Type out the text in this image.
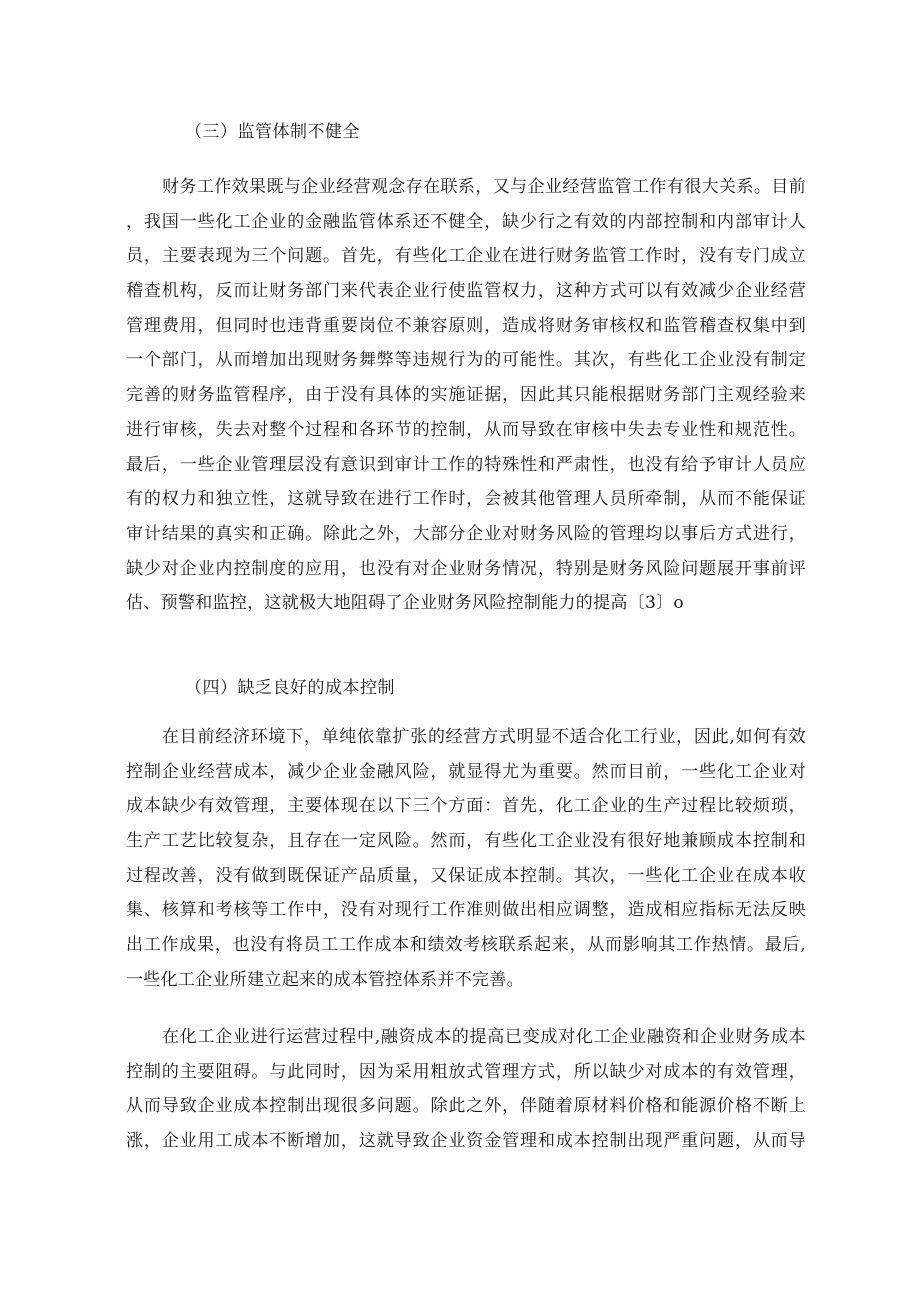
（三）监管体制不健全
财务工作效果既与企业经营观念存在联系，又与企业经营监管工作有很大关系。目前
，我国一些化工企业的金融监管体系还不健全，缺少行之有效的内部控制和内部审计人
员，主要表现为三个问题。首先，有些化工企业在进行财务监管工作时，没有专门成立
稽查机构，反而让财务部门来代表企业行使监管权力，这种方式可以有效减少企业经营
管理费用，但同时也违背重要岗位不兼容原则，造成将财务审核权和监管稽查权集中到
一个部门，从而增加出现财务舞弊等违规行为的可能性。其次，有些化工企业没有制定
完善的财务监管程序，由于没有具体的实施证据，因此其只能根据财务部门主观经验来
进行审核，失去对整个过程和各环节的控制，从而导致在审核中失去专业性和规范性。
最后，一些企业管理层没有意识到审计工作的特殊性和严肃性，也没有给予审计人员应
有的权力和独立性，这就导致在进行工作时，会被其他管理人员所牵制，从而不能保证
审计结果的真实和正确。除此之外，大部分企业对财务风险的管理均以事后方式进行，
缺少对企业内控制度的应用，也没有对企业财务情况，特别是财务风险问题展开事前评
估、预警和监控，这就极大地阻碍了企业财务风险控制能力的提高〔3〕o
（四）缺乏良好的成本控制
在目前经济环境下，单纯依靠扩张的经营方式明显不适合化工行业，因此,如何有效
控制企业经营成本，减少企业金融风险，就显得尤为重要。然而目前，一些化工企业对
成本缺少有效管理，主要体现在以下三个方面：首先，化工企业的生产过程比较烦琐，
生产工艺比较复杂，且存在一定风险。然而，有些化工企业没有很好地兼顾成本控制和
过程改善，没有做到既保证产品质量，又保证成本控制。其次，一些化工企业在成本收
集、核算和考核等工作中，没有对现行工作准则做出相应调整，造成相应指标无法反映
出工作成果，也没有将员工工作成本和绩效考核联系起来，从而影响其工作热情。最后,
一些化工企业所建立起来的成本管控体系并不完善。
在化工企业进行运营过程中,融资成本的提高已变成对化工企业融资和企业财务成本
控制的主要阻碍。与此同时，因为采用粗放式管理方式，所以缺少对成本的有效管理，
从而导致企业成本控制出现很多问题。除此之外，伴随着原材料价格和能源价格不断上
涨，企业用工成本不断增加，这就导致企业资金管理和成本控制出现严重问题，从而导
